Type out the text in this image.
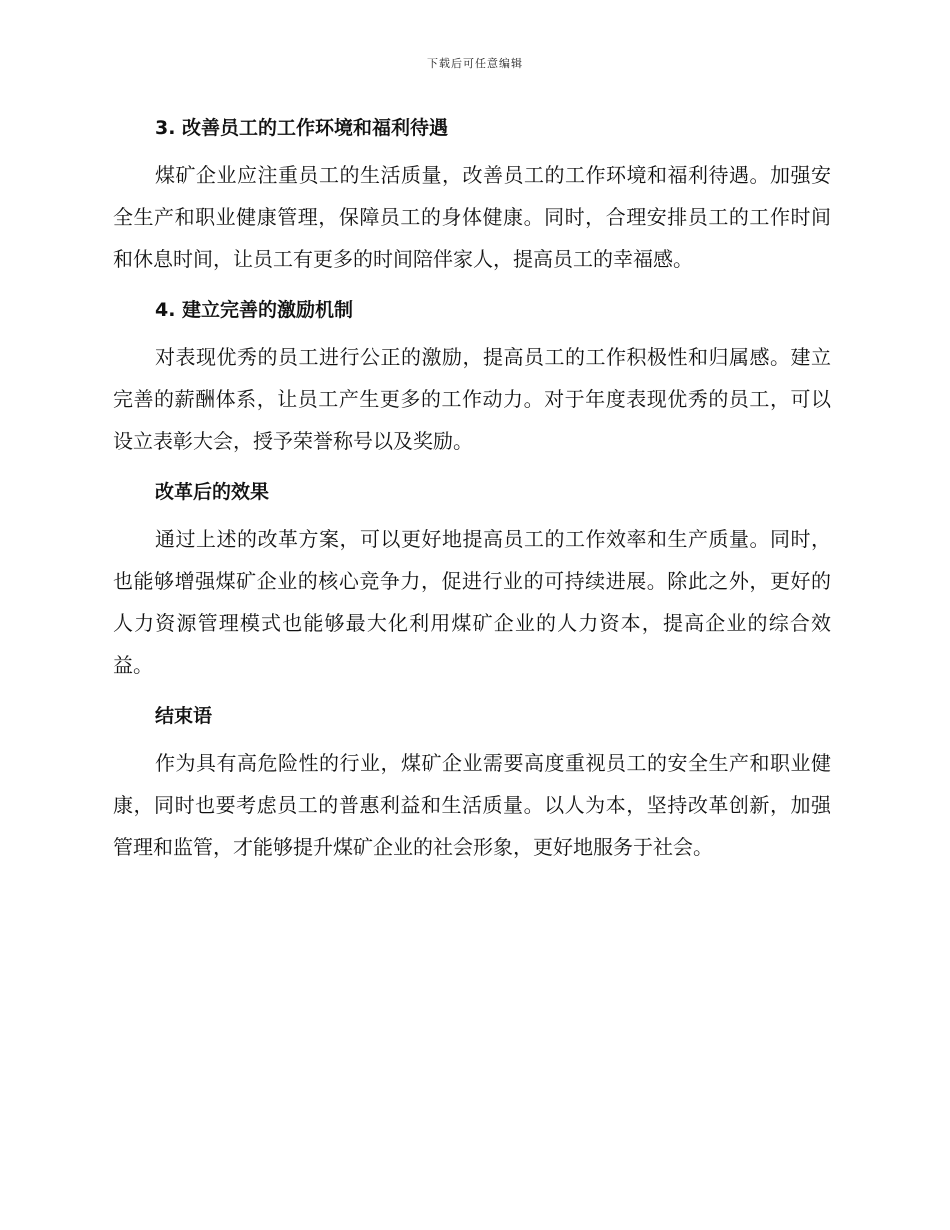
下载后可任意编辑
3. 改善员工的工作环境和福利待遇

煤矿企业应注重员工的生活质量，改善员工的工作环境和福利待遇。加强安全生产和职业健康管理，保障员工的身体健康。同时，合理安排员工的工作时间和休息时间，让员工有更多的时间陪伴家人，提高员工的幸福感。

4. 建立完善的激励机制

对表现优秀的员工进行公正的激励，提高员工的工作积极性和归属感。建立完善的薪酬体系，让员工产生更多的工作动力。对于年度表现优秀的员工，可以设立表彰大会，授予荣誉称号以及奖励。

改革后的效果

通过上述的改革方案，可以更好地提高员工的工作效率和生产质量。同时，也能够增强煤矿企业的核心竞争力，促进行业的可持续进展。除此之外，更好的人力资源管理模式也能够最大化利用煤矿企业的人力资本，提高企业的综合效益。

结束语

作为具有高危险性的行业，煤矿企业需要高度重视员工的安全生产和职业健康，同时也要考虑员工的普惠利益和生活质量。以人为本，坚持改革创新，加强管理和监管，才能够提升煤矿企业的社会形象，更好地服务于社会。
